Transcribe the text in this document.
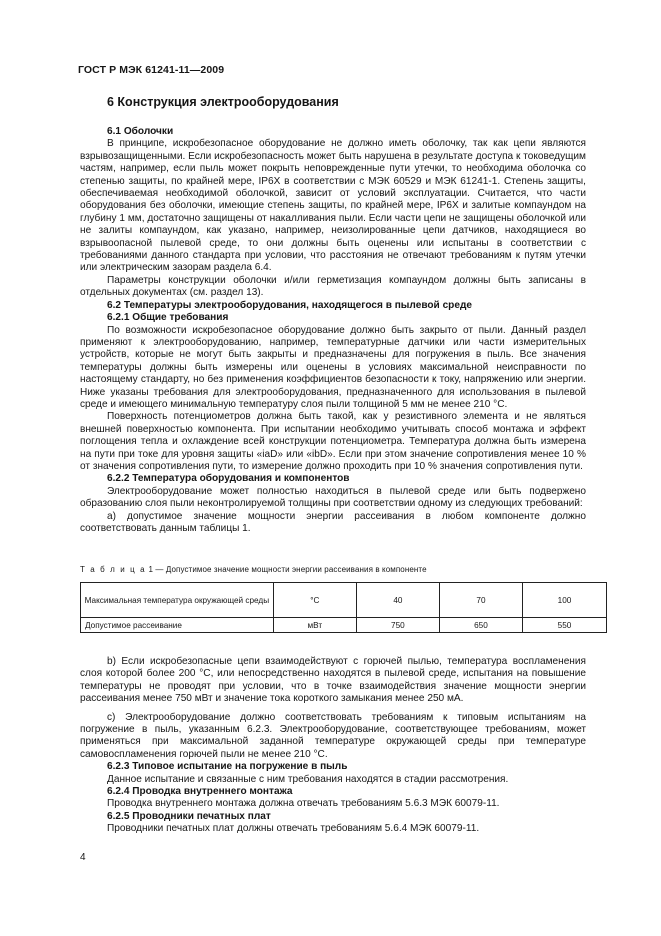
ГОСТ Р МЭК 61241-11—2009
6 Конструкция электрооборудования
6.1 Оболочки

В принципе, искробезопасное оборудование не должно иметь оболочку, так как цепи являются взрывозащищенными. Если искробезопасность может быть нарушена в результате доступа к токоведущим частям, например, если пыль может покрыть неповрежденные пути утечки, то необходима оболочка со степенью защиты, по крайней мере, IP6X в соответствии с МЭК 60529 и МЭК 61241-1. Степень защиты, обеспечиваемая необходимой оболочкой, зависит от условий эксплуатации. Считается, что части оборудования без оболочки, имеющие степень защиты, по крайней мере, IP6X и залитые компаундом на глубину 1 мм, достаточно защищены от накалливания пыли. Если части цепи не защищены оболочкой или не залиты компаундом, как указано, например, неизолированные цепи датчиков, находящиеся во взрывоопасной пылевой среде, то они должны быть оценены или испытаны в соответствии с требованиями данного стандарта при условии, что расстояния не отвечают требованиям к путям утечки или электрическим зазорам раздела 6.4.

Параметры конструкции оболочки и/или герметизация компаундом должны быть записаны в отдельных документах (см. раздел 13).

6.2 Температуры электрооборудования, находящегося в пылевой среде
6.2.1 Общие требования

По возможности искробезопасное оборудование должно быть закрыто от пыли. Данный раздел применяют к электрооборудованию, например, температурные датчики или части измерительных устройств, которые не могут быть закрыты и предназначены для погружения в пыль. Все значения температуры должны быть измерены или оценены в условиях максимальной неисправности по настоящему стандарту, но без применения коэффициентов безопасности к току, напряжению или энергии. Ниже указаны требования для электрооборудования, предназначенного для использования в пылевой среде и имеющего минимальную температуру слоя пыли толщиной 5 мм не менее 210 °С.

Поверхность потенциометров должна быть такой, как у резистивного элемента и не являться внешней поверхностью компонента. При испытании необходимо учитывать способ монтажа и эффект поглощения тепла и охлаждение всей конструкции потенциометра. Температура должна быть измерена на пути при токе для уровня защиты «iaD» или «ibD». Если при этом значение сопротивления менее 10 % от значения сопротивления пути, то измерение должно проходить при 10 % значения сопротивления пути.

6.2.2 Температура оборудования и компонентов

Электрооборудование может полностью находиться в пылевой среде или быть подвержено образованию слоя пыли неконтролируемой толщины при соответствии одному из следующих требований:

a) допустимое значение мощности энергии рассеивания в любом компоненте должно соответствовать данным таблицы 1.

Т а б л и ц а 1 — Допустимое значение мощности энергии рассеивания в компоненте
Максимальная температура окружающей среды	°С	40	70	100
Допустимое рассеивание	мВт	750	650	550

b) Если искробезопасные цепи взаимодействуют с горючей пылью, температура воспламенения слоя которой более 200 °С, или непосредственно находятся в пылевой среде, испытания на повышение температуры не проводят при условии, что в точке взаимодействия значение мощности энергии рассеивания менее 750 мВт и значение тока короткого замыкания менее 250 мА.

c) Электрооборудование должно соответствовать требованиям к типовым испытаниям на погружение в пыль, указанным 6.2.3. Электрооборудование, соответствующее требованиям, может применяться при максимальной заданной температуре окружающей среды при температуре самовоспламенения горючей пыли не менее 210 °С.

6.2.3 Типовое испытание на погружение в пыль

Данное испытание и связанные с ним требования находятся в стадии рассмотрения.

6.2.4 Проводка внутреннего монтажа

Проводка внутреннего монтажа должна отвечать требованиям 5.6.3 МЭК 60079-11.

6.2.5 Проводники печатных плат

Проводники печатных плат должны отвечать требованиям 5.6.4 МЭК 60079-11.

4
